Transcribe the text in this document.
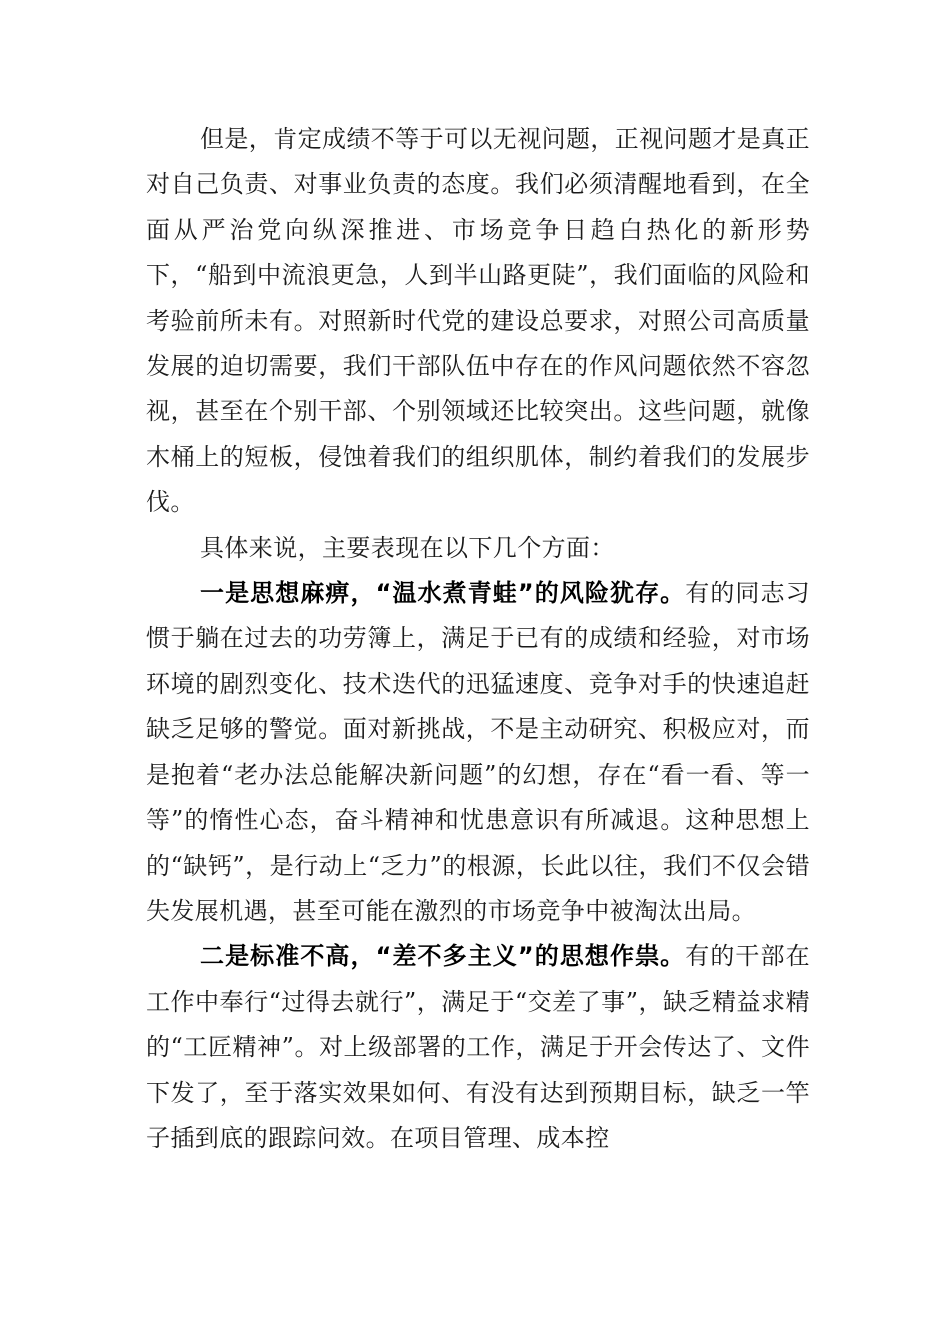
但是，肯定成绩不等于可以无视问题，正视问题才是真正对自己负责、对事业负责的态度。我们必须清醒地看到，在全面从严治党向纵深推进、市场竞争日趋白热化的新形势下，“船到中流浪更急，人到半山路更陡”，我们面临的风险和考验前所未有。对照新时代党的建设总要求，对照公司高质量发展的迫切需要，我们干部队伍中存在的作风问题依然不容忽视，甚至在个别干部、个别领域还比较突出。这些问题，就像木桶上的短板，侵蚀着我们的组织肌体，制约着我们的发展步伐。

具体来说，主要表现在以下几个方面：

一是思想麻痹，“温水煮青蛙”的风险犹存。有的同志习惯于躺在过去的功劳簿上，满足于已有的成绩和经验，对市场环境的剧烈变化、技术迭代的迅猛速度、竞争对手的快速追赶缺乏足够的警觉。面对新挑战，不是主动研究、积极应对，而是抱着“老办法总能解决新问题”的幻想，存在“看一看、等一等”的惰性心态，奋斗精神和忧患意识有所减退。这种思想上的“缺钙”，是行动上“乏力”的根源，长此以往，我们不仅会错失发展机遇，甚至可能在激烈的市场竞争中被淘汰出局。

二是标准不高，“差不多主义”的思想作祟。有的干部在工作中奉行“过得去就行”，满足于“交差了事”，缺乏精益求精的“工匠精神”。对上级部署的工作，满足于开会传达了、文件下发了，至于落实效果如何、有没有达到预期目标，缺乏一竿子插到底的跟踪问效。在项目管理、成本控
